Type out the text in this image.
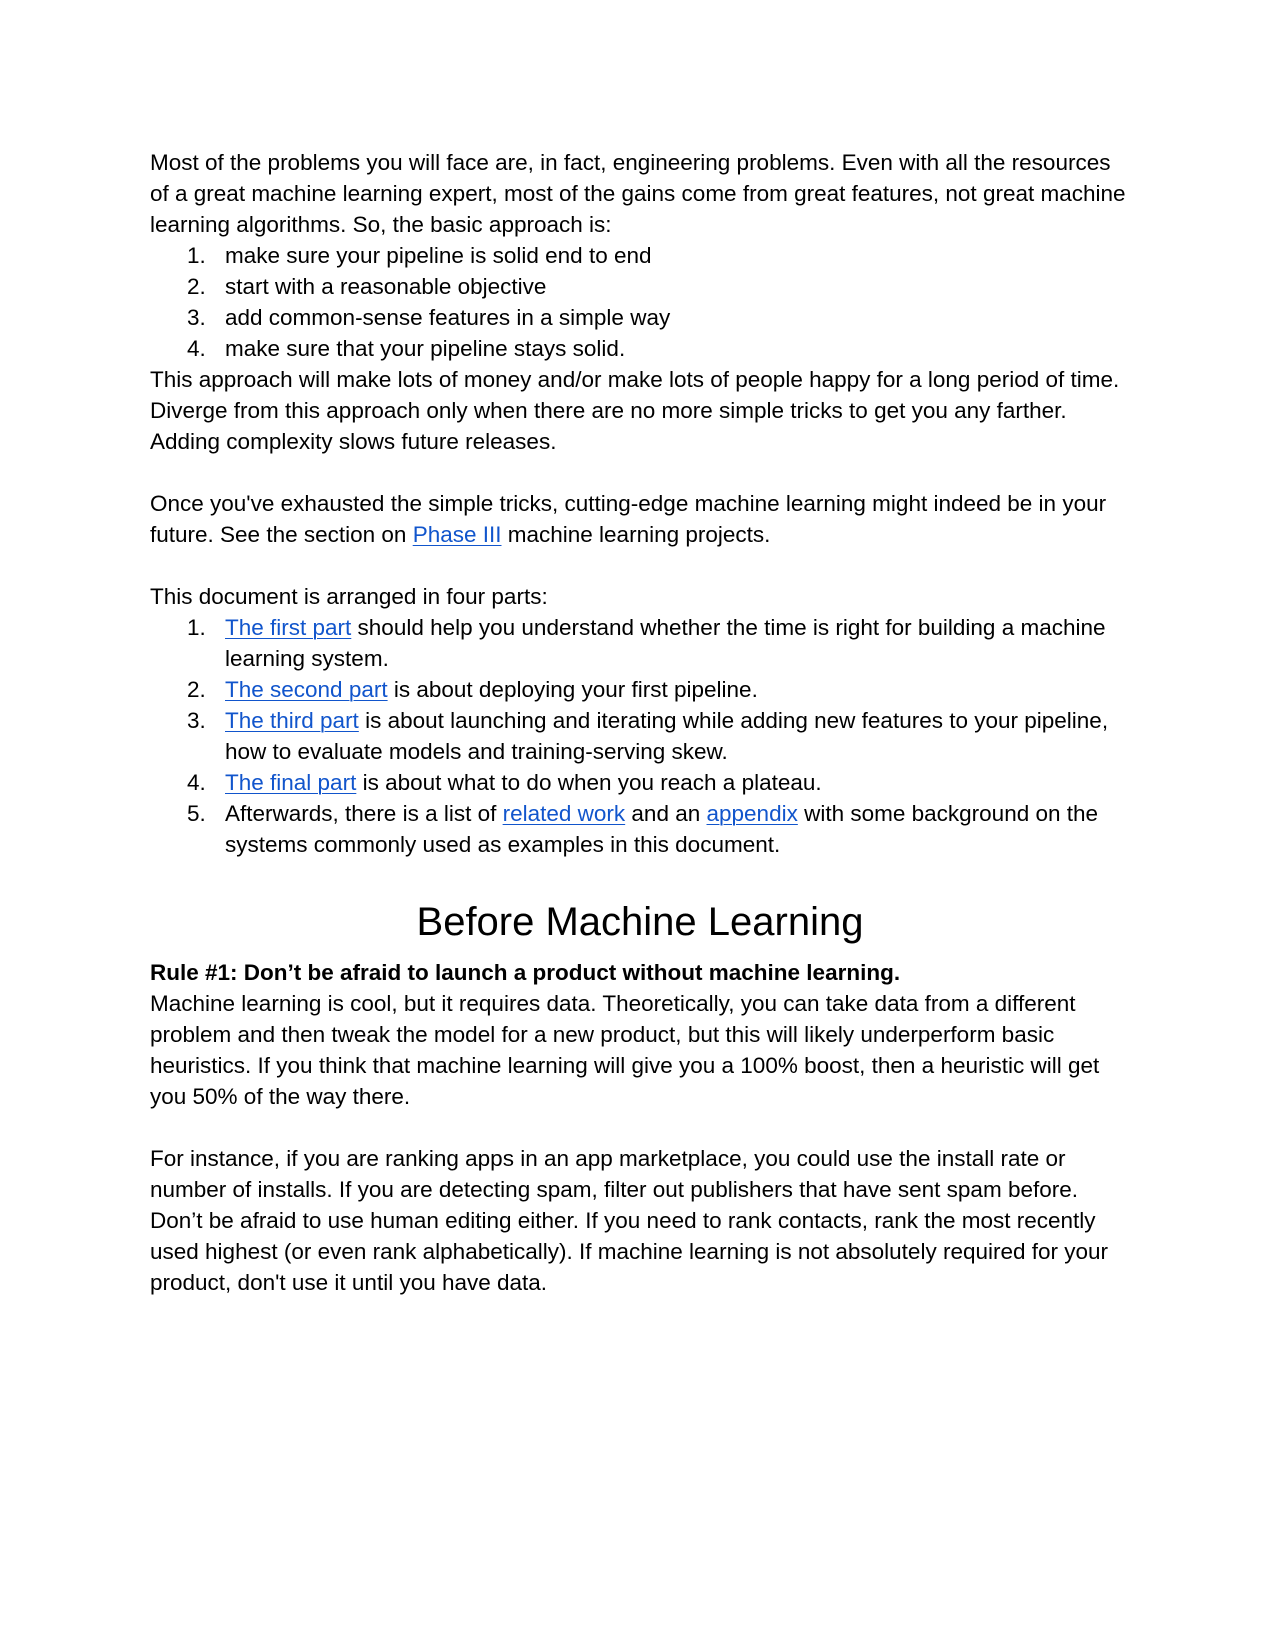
Most of the problems you will face are, in fact, engineering problems. Even with all the resources of a great machine learning expert, most of the gains come from great features, not great machine learning algorithms. So, the basic approach is:

1. make sure your pipeline is solid end to end
2. start with a reasonable objective
3. add common-sense features in a simple way
4. make sure that your pipeline stays solid.

This approach will make lots of money and/or make lots of people happy for a long period of time. Diverge from this approach only when there are no more simple tricks to get you any farther. Adding complexity slows future releases.

Once you've exhausted the simple tricks, cutting-edge machine learning might indeed be in your future. See the section on Phase III machine learning projects.

This document is arranged in four parts:

1. The first part should help you understand whether the time is right for building a machine learning system.
2. The second part is about deploying your first pipeline.
3. The third part is about launching and iterating while adding new features to your pipeline, how to evaluate models and training-serving skew.
4. The final part is about what to do when you reach a plateau.
5. Afterwards, there is a list of related work and an appendix with some background on the systems commonly used as examples in this document.
Before Machine Learning

Rule #1: Don’t be afraid to launch a product without machine learning.

Machine learning is cool, but it requires data. Theoretically, you can take data from a different problem and then tweak the model for a new product, but this will likely underperform basic heuristics. If you think that machine learning will give you a 100% boost, then a heuristic will get you 50% of the way there.

For instance, if you are ranking apps in an app marketplace, you could use the install rate or number of installs. If you are detecting spam, filter out publishers that have sent spam before. Don’t be afraid to use human editing either. If you need to rank contacts, rank the most recently used highest (or even rank alphabetically). If machine learning is not absolutely required for your product, don't use it until you have data.
